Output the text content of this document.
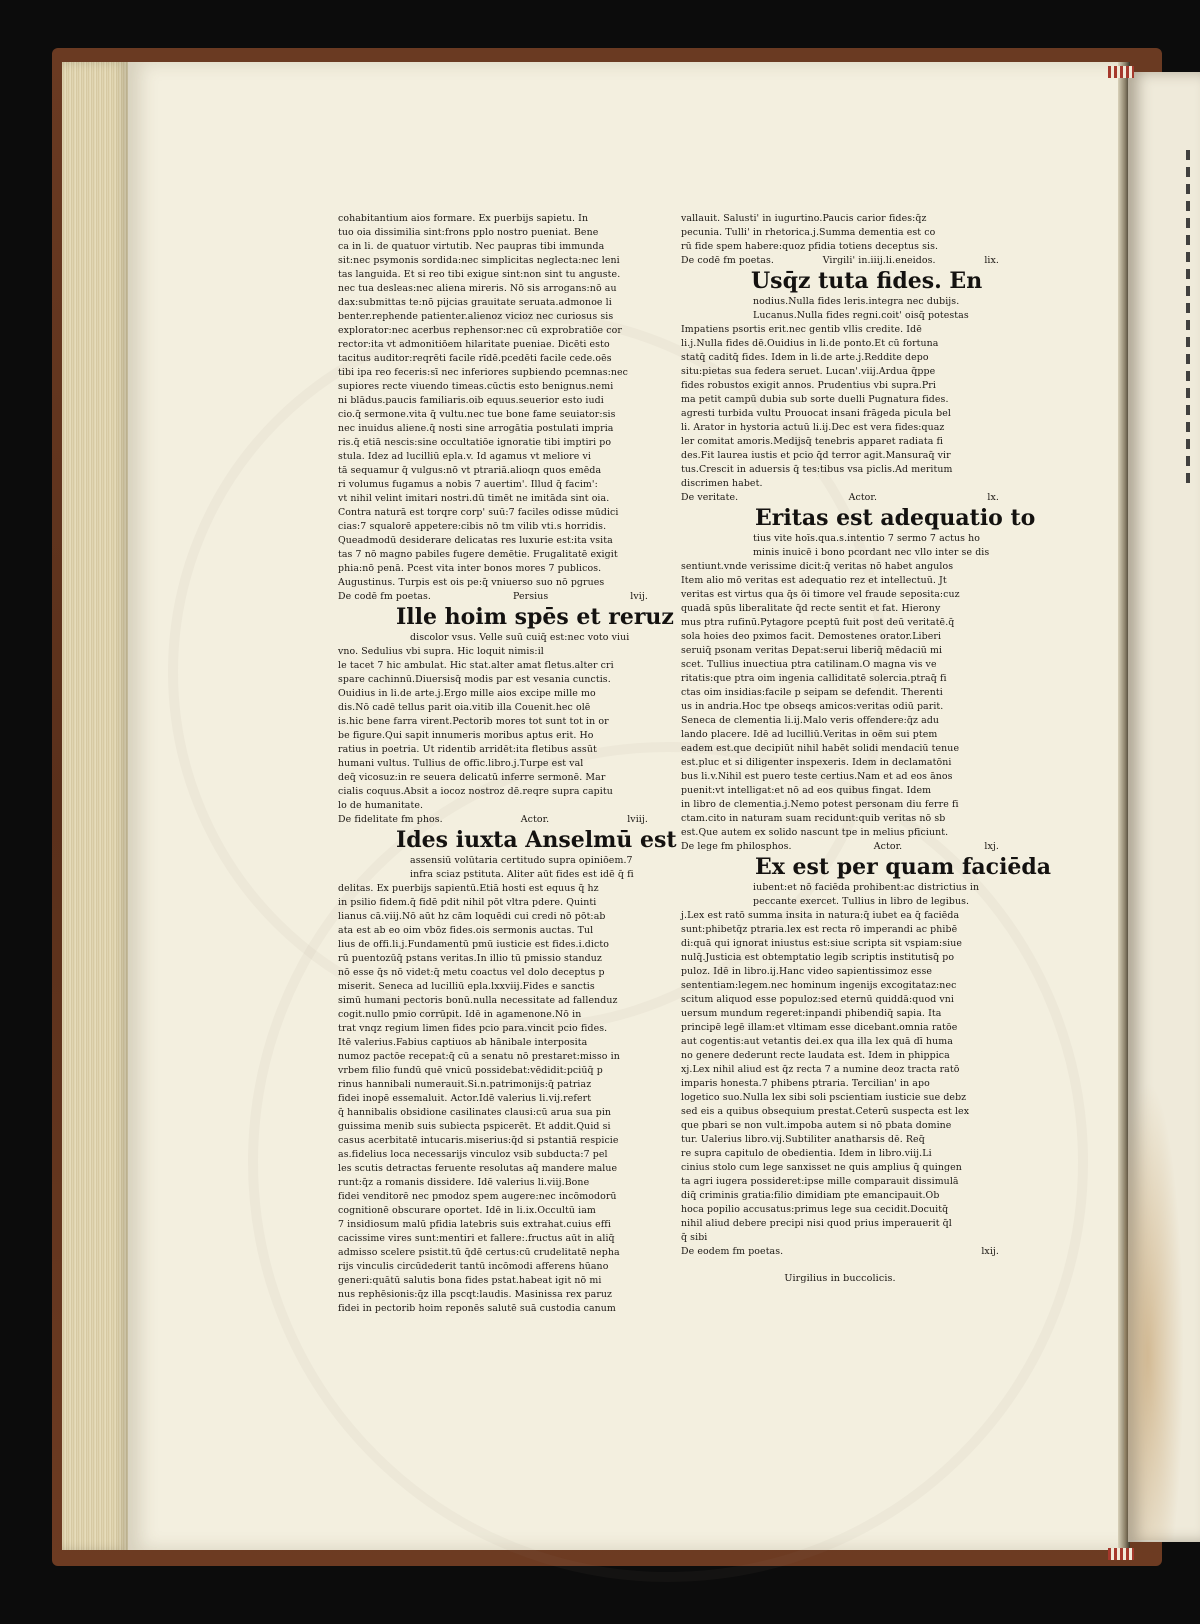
cohabitantium aios formare. Ex puerbijs sapietu. In
tuo oia dissimilia sint:frons pplo nostro pueniat. Bene
ca in li. de quatuor virtutib. Nec paupras tibi immunda
sit:nec psymonis sordida:nec simplicitas neglecta:nec leni
tas languida. Et si reo tibi exigue sint:non sint tu anguste.
nec tua desleas:nec aliena mireris. Nō sis arrogans:nō au
dax:submittas te:nō pijcias grauitate seruata.admonoe li
benter.rephende patienter.alienoz vicioz nec curiosus sis
explorator:nec acerbus rephensor:nec cū exprobratiōe cor
rector:ita vt admonitiōem hilaritate pueniae. Dicēti esto
tacitus auditor:reqrēti facile rīdē.pcedēti facile cede.oēs
tibi ipa reo feceris:sī nec inferiores supbiendo pcemnas:nec
supiores recte viuendo timeas.cūctis esto benignus.nemi
ni blādus.paucis familiaris.oib equus.seuerior esto iudi
cio.q̄ sermone.vita q̄ vultu.nec tue bone fame seuiator:sis
nec inuidus aliene.q̄ nosti sine arrogātia postulati impria
ris.q̄ etiā nescis:sine occultatiōe ignoratie tibi imptiri po
stula. Idez ad lucilliū epla.v. Id agamus vt meliore vi
tā sequamur q̄ vulgus:nō vt ptrariā.alioqn quos emēda
ri volumus fugamus a nobis 7 auertim'. Illud q̄ facim':
vt nihil velint imitari nostri.dū timēt ne imitāda sint oia.
Contra naturā est torqre corp' suū:7 faciles odisse mūdici
cias:7 squalorē appetere:cibis nō tm vilib vti.s horridis.
Queadmodū desiderare delicatas res luxurie est:ita vsita
tas 7 nō magno pabiles fugere demētie. Frugalitatē exigit
phia:nō penā. Pcest vita inter bonos mores 7 publicos.
Augustinus. Turpis est ois pe:q̄ vniuerso suo nō pgrues
De codē fm poetas.	Persius	lvij.
Ille hoim spēs et reruz
discolor vsus. Velle suū cuiq̄ est:nec voto viui
vno. Sedulius vbi supra. Hic loquit nimis:il
le tacet 7 hic ambulat. Hic stat.alter amat fletus.alter cri
spare cachinnū.Diuersisq̄ modis par est vesania cunctis.
Ouidius in li.de arte.j.Ergo mille aios excipe mille mo
dis.Nō cadē tellus parit oia.vitib illa Couenit.hec olē
is.hic bene farra virent.Pectorib mores tot sunt tot in or
be figure.Qui sapit innumeris moribus aptus erit. Ho
ratius in poetria. Ut ridentib arridēt:ita fletibus assūt
humani vultus. Tullius de offic.libro.j.Turpe est val
deq̄ vicosuz:in re seuera delicatū inferre sermonē. Mar
cialis coquus.Absit a iocoz nostroz dē.reqre supra capitu
lo de humanitate.
De fidelitate fm phos.	Actor.	lviij.
Ides iuxta Anselmū est
assensiū volūtaria certitudo supra opiniōem.7
infra sciaz pstituta. Aliter aūt fides est idē q̄ fi
delitas. Ex puerbijs sapientū.Etiā hosti est equus q̄ hz
in psilio fidem.q̄ fidē pdit nihil pōt vltra pdere. Quinti
lianus cā.viij.Nō aūt hz cām loquēdi cui credi nō pōt:ab
ata est ab eo oim vbōz fides.ois sermonis auctas. Tul
lius de offi.li.j.Fundamentū pmū iusticie est fides.i.dicto
rū puentozūq̄ pstans veritas.In illio tū pmissio standuz
nō esse q̄s nō videt:q̄ metu coactus vel dolo deceptus p
miserit. Seneca ad lucilliū epla.lxxviij.Fides e sanctis
simū humani pectoris bonū.nulla necessitate ad fallenduz
cogit.nullo pmio corrūpit. Idē in agamenone.Nō in
trat vnqz regium limen fides pcio para.vincit pcio fides.
Itē valerius.Fabius captiuos ab hānibale interposita
numoz pactōe recepat:q̄ cū a senatu nō prestaret:misso in
vrbem filio fundū quē vnicū possidebat:vēdidit:pciūq̄ p
rinus hannibali numerauit.Si.n.patrimonijs:q̄ patriaz
fidei inopē essemaluit. Actor.Idē valerius li.vij.refert
q̄ hannibalis obsidione casilinates clausi:cū arua sua pin
guissima menib suis subiecta pspicerēt. Et addit.Quid si
casus acerbitatē intucaris.miserius:q̄d si pstantiā respicie
as.fidelius loca necessarijs vinculoz vsib subducta:7 pel
les scutis detractas feruente resolutas aq̄ mandere malue
runt:q̄z a romanis dissidere. Idē valerius li.viij.Bone
fidei venditorē nec pmodoz spem augere:nec incōmodorū
cognitionē obscurare oportet. Idē in li.ix.Occultū iam
7 insidiosum malū pfidia latebris suis extrahat.cuius effi
cacissime vires sunt:mentiri et fallere:.fructus aūt in aliq̄
admisso scelere psistit.tū q̄dē certus:cū crudelitatē nepha
rijs vinculis circūdederit tantū incōmodi afferens hūano
generi:quātū salutis bona fides pstat.habeat igit nō mi
nus rephēsionis:q̄z illa pscqt:laudis. Masinissa rex paruz
fidei in pectorib hoim reponēs salutē suā custodia canum
vallauit. Salusti' in iugurtino.Paucis carior fides:q̄z
pecunia. Tulli' in rhetorica.j.Summa dementia est co
rū fide spem habere:quoz pfidia totiens deceptus sis.
De codē fm poetas.	Virgili' in.iiij.li.eneidos.	lix.
Usq̄z tuta fides. En
nodius.Nulla fides leris.integra nec dubijs.
Lucanus.Nulla fides regni.coit' oisq̄ potestas
Impatiens psortis erit.nec gentib vllis credite. Idē
li.j.Nulla fides dē.Ouidius in li.de ponto.Et cū fortuna
statq̄ caditq̄ fides. Idem in li.de arte.j.Reddite depo
situ:pietas sua federa seruet. Lucan'.viij.Ardua q̄ppe
fides robustos exigit annos. Prudentius vbi supra.Pri
ma petit campū dubia sub sorte duelli Pugnatura fides.
agresti turbida vultu Prouocat insani frāgeda picula bel
li. Arator in hystoria actuū li.ij.Dec est vera fides:quaz
ler comitat amoris.Medijsq̄ tenebris apparet radiata fi
des.Fit laurea iustis et pcio q̄d terror agit.Mansuraq̄ vir
tus.Crescit in aduersis q̄ tes:tibus vsa piclis.Ad meritum
discrimen habet.
De veritate.	Actor.	lx.
Eritas est adequatio to
tius vite hoīs.qua.s.intentio 7 sermo 7 actus ho
minis inuicē i bono pcordant nec vllo inter se dis
sentiunt.vnde verissime dicit:q̄ veritas nō habet angulos
Item alio mō veritas est adequatio rez et intellectuū. Jt
veritas est virtus qua q̄s ōi timore vel fraude seposita:cuz
quadā spūs liberalitate q̄d recte sentit et fat. Hierony
mus ptra rufinū.Pytagore pceptū fuit post deū veritatē.q̄
sola hoies deo pximos facit. Demostenes orator.Liberi
seruiq̄ psonam veritas Depat:serui liberiq̄ mēdaciū mi
scet. Tullius inuectiua ptra catilinam.O magna vis ve
ritatis:que ptra oim ingenia calliditatē solercia.ptraq̄ fi
ctas oim insidias:facile p seipam se defendit. Therenti
us in andria.Hoc tpe obseqs amicos:veritas odiū parit.
Seneca de clementia li.ij.Malo veris offendere:q̄z adu
lando placere. Idē ad lucilliū.Veritas in oēm sui ptem
eadem est.que decipiūt nihil habēt solidi mendaciū tenue
est.pluc et si diligenter inspexeris. Idem in declamatōni
bus li.v.Nihil est puero teste certius.Nam et ad eos ānos
puenit:vt intelligat:et nō ad eos quibus fingat. Idem
in libro de clementia.j.Nemo potest personam diu ferre fi
ctam.cito in naturam suam recidunt:quib veritas nō sb
est.Que autem ex solido nascunt tpe in melius pficiunt.
De lege fm philosphos.	Actor.	lxj.
Ex est per quam faciēda
iubent:et nō faciēda prohibent:ac districtius in
peccante exercet. Tullius in libro de legibus.
j.Lex est ratō summa insita in natura:q̄ iubet ea q̄ faciēda
sunt:phibetq̄z ptraria.lex est recta rō imperandi ac phibē
di:quā qui ignorat iniustus est:siue scripta sit vspiam:siue
nulq̄.Justicia est obtemptatio legib scriptis institutisq̄ po
puloz. Idē in libro.ij.Hanc video sapientissimoz esse
sententiam:legem.nec hominum ingenijs excogitataz:nec
scitum aliquod esse populoz:sed eternū quiddā:quod vni
uersum mundum regeret:inpandi phibendiq̄ sapia. Ita
principē legē illam:et vltimam esse dicebant.omnia ratōe
aut cogentis:aut vetantis dei.ex qua illa lex quā dī huma
no genere dederunt recte laudata est. Idem in phippica
xj.Lex nihil aliud est q̄z recta 7 a numine deoz tracta ratō
imparis honesta.7 phibens ptraria. Tercilian' in apo
logetico suo.Nulla lex sibi soli pscientiam iusticie sue debz
sed eis a quibus obsequium prestat.Ceterū suspecta est lex
que pbari se non vult.impoba autem si nō pbata domine
tur. Ualerius libro.vij.Subtiliter anatharsis dē. Req̄
re supra capitulo de obedientia. Idem in libro.viij.Li
cinius stolo cum lege sanxisset ne quis amplius q̄ quingen
ta agri iugera possideret:ipse mille comparauit dissimulā
diq̄ criminis gratia:filio dimidiam pte emancipauit.Ob
hoca popilio accusatus:primus lege sua cecidit.Docuitq̄
nihil aliud debere precipi nisi quod prius imperauerit q̄l
q̄ sibi
De eodem fm poetas.	lxij.
Uirgilius in buccolicis.
